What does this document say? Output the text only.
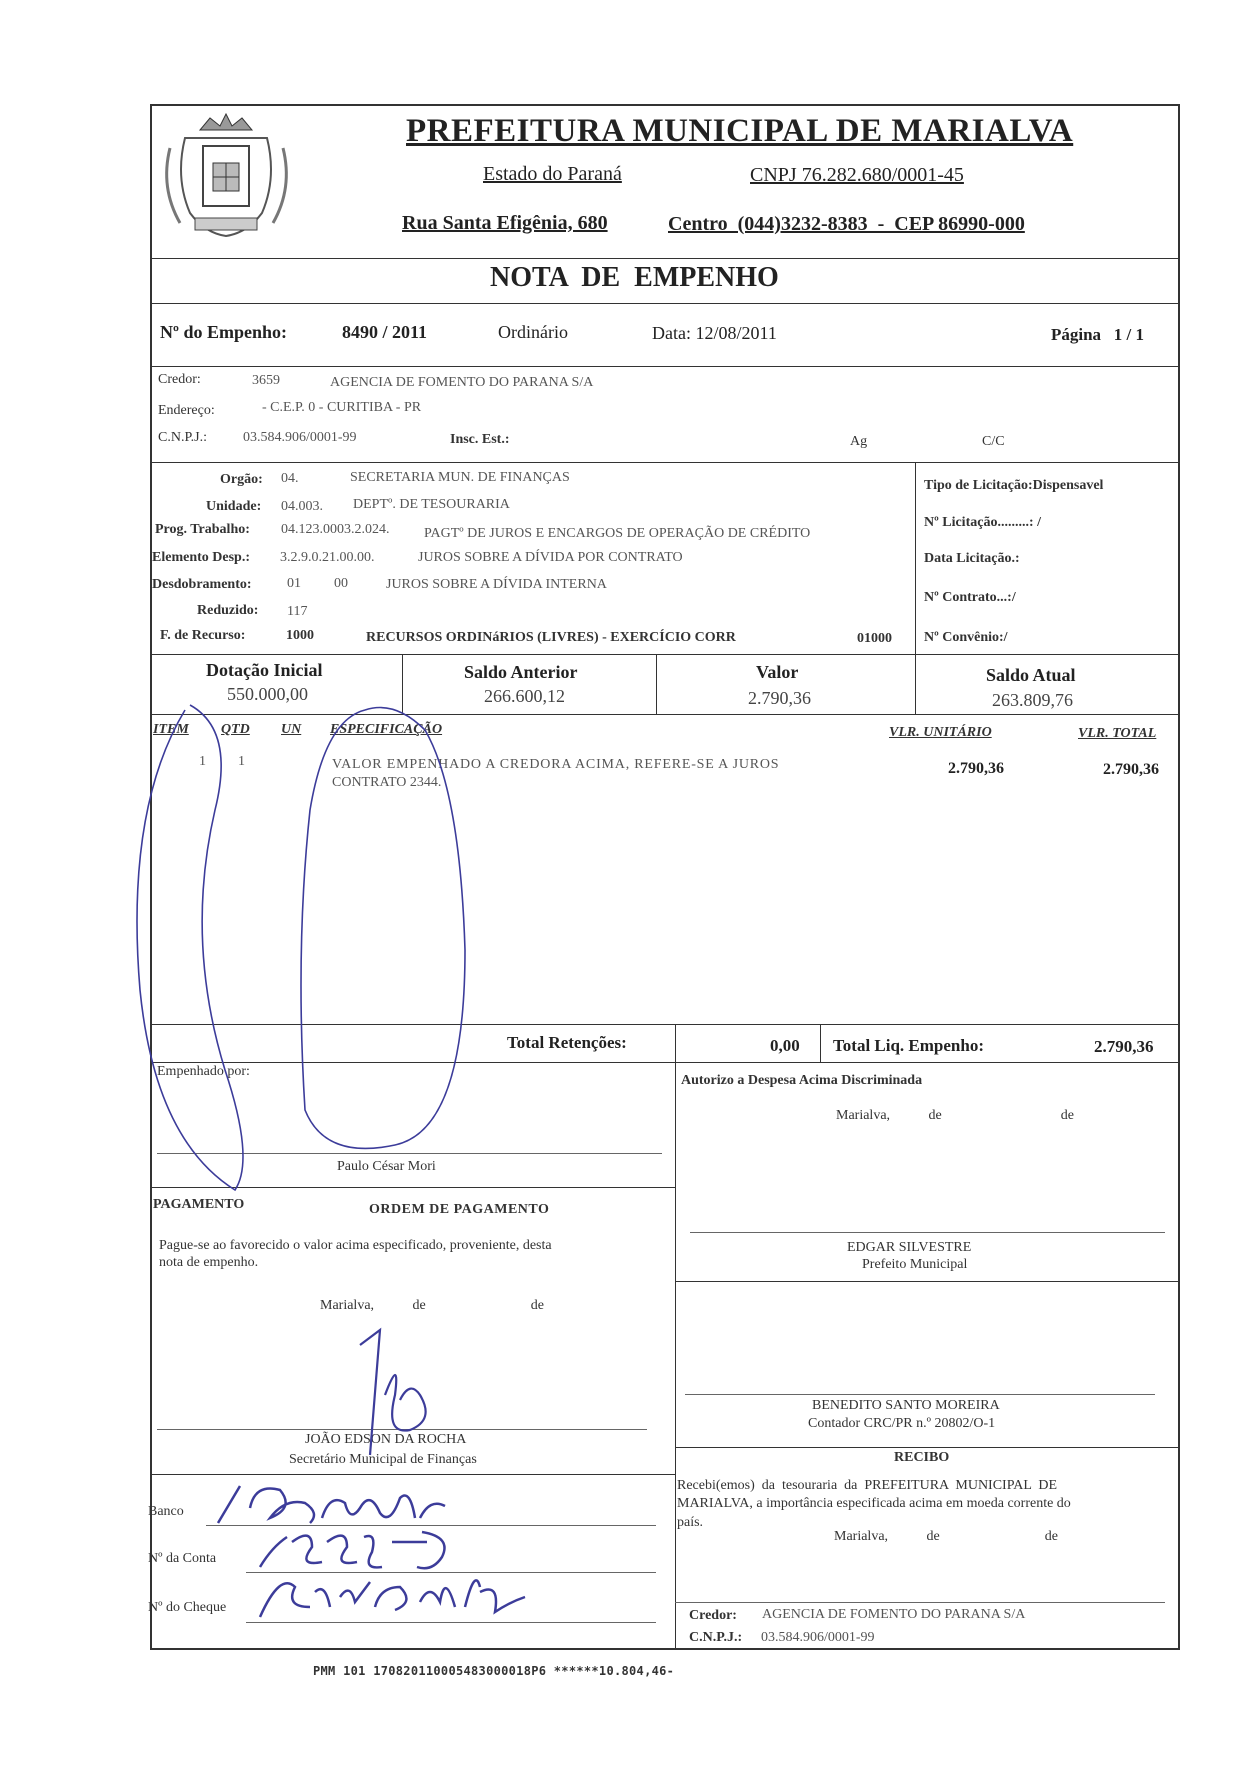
PREFEITURA MUNICIPAL DE MARIALVA
Estado do Paraná	CNPJ 76.282.680/0001-45
Rua Santa Efigênia, 680	Centro  (044)3232-8383  -  CEP 86990-000
NOTA  DE  EMPENHO
Nº do Empenho:	8490 / 2011	Ordinário	Data: 12/08/2011	Página   1 / 1
Credor:	3659	AGENCIA DE FOMENTO DO PARANA S/A
Endereço:	- C.E.P. 0 - CURITIBA - PR
C.N.P.J.:	03.584.906/0001-99	Insc. Est.:	Ag	C/C
Orgão: 04.	SECRETARIA MUN. DE FINANÇAS
Unidade: 04.003. DEPTº. DE TESOURARIA
Prog. Trabalho: 04.123.0003.2.024. PAGTº DE JUROS E ENCARGOS DE OPERAÇÃO DE CRÉDITO
Elemento Desp.: 3.2.9.0.21.00.00.	JUROS SOBRE A DÍVIDA POR CONTRATO
Desdobramento:	01 00	JUROS SOBRE A DÍVIDA INTERNA
Reduzido: 117
F. de Recurso:	1000	RECURSOS ORDINáRIOS (LIVRES) - EXERCÍCIO CORR	01000
Tipo de Licitação:Dispensavel
Nº Licitação.........: /
Data Licitação.:
Nº Contrato...:/
Nº Convênio:/
Dotação Inicial
550.000,00
Saldo Anterior
266.600,12
Valor
2.790,36
Saldo Atual
263.809,76
ITEM QTD UN ESPECIFICAÇÃO	VLR. UNITÁRIO	VLR. TOTAL
1 1	VALOR EMPENHADO A CREDORA ACIMA, REFERE-SE A JUROS
CONTRATO 2344.
2.790,36	2.790,36
Total Retenções:	0,00 Total Liq. Empenho:	2.790,36
Empenhado por:
Paulo César Mori
Autorizo a Despesa Acima Discriminada
Marialva,           de                                  de
EDGAR SILVESTRE
Prefeito Municipal
PAGAMENTO	ORDEM DE PAGAMENTO
Pague-se ao favorecido o valor acima especificado, proveniente, desta
nota de empenho.
Marialva,           de                              de
BENEDITO SANTO MOREIRA
Contador CRC/PR n.º 20802/O-1
JOÃO EDSON DA ROCHA
Secretário Municipal de Finanças	RECIBO
Recebi(emos)  da  tesouraria  da  PREFEITURA  MUNICIPAL  DE
MARIALVA, a importância especificada acima em moeda corrente do
país.
Marialva,           de                              de
Credor: AGENCIA DE FOMENTO DO PARANA S/A
C.N.P.J.: 03.584.906/0001-99
Banco
Nº da Conta
Nº do Cheque
PMM 101 170820110005483000018P6 ******10.804,46-
